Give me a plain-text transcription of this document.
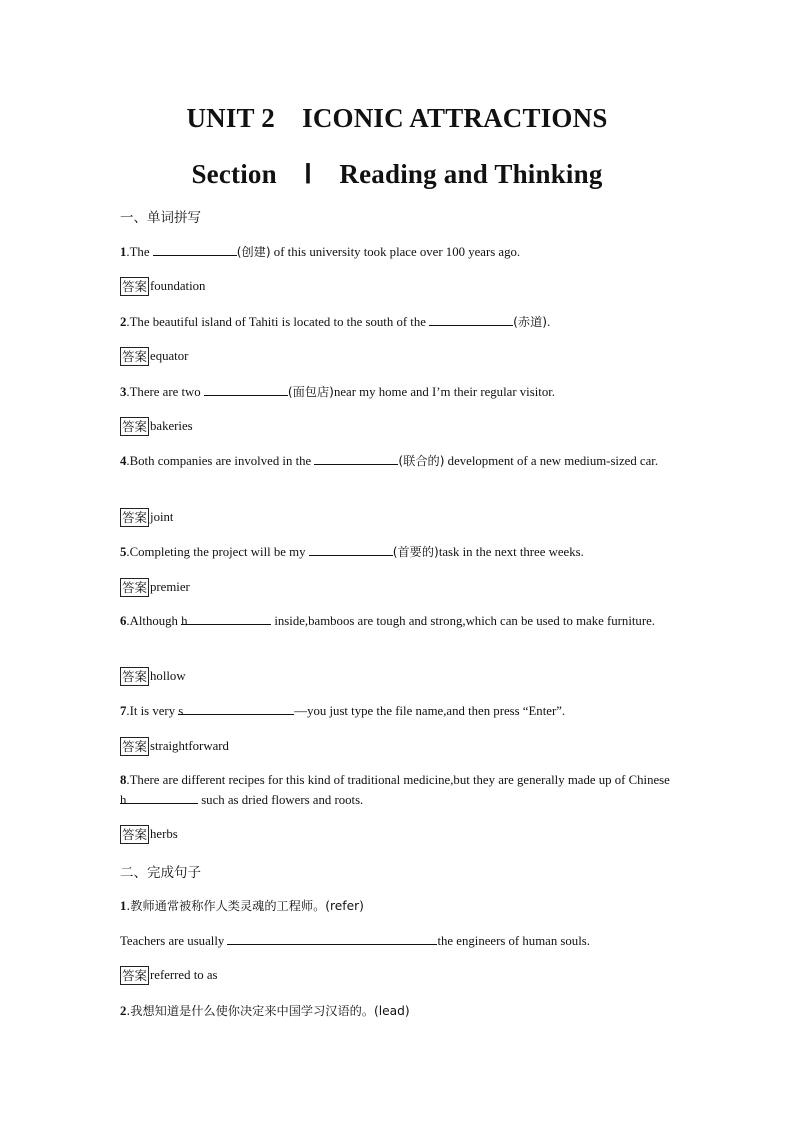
UNIT 2　ICONIC ATTRACTIONS
Section　Ⅰ　Reading and Thinking
一、单词拼写
1.The	(创建) of this university took place over 100 years ago.
答案 foundation
2.The beautiful island of Tahiti is located to the south of the	(赤道).
答案 equator
3.There are two	(面包店)near my home and I’m their regular visitor.
答案 bakeries
4.Both companies are involved in the	(联合的) development of a new medium-sized car.
答案 joint
5.Completing the project will be my	(首要的)task in the next three weeks.
答案 premier
6.Although h	inside,bamboos are tough and strong,which can be used to make furniture.
答案 hollow
7.It is very s	—you just type the file name,and then press “Enter”.
答案 straightforward
8.There are different recipes for this kind of traditional medicine,but they are generally made up of Chinese h	such as dried flowers and roots.
答案 herbs
二、完成句子
1.教师通常被称作人类灵魂的工程师。(refer)
Teachers are usually	the engineers of human souls.
答案 referred to as
2.我想知道是什么使你决定来中国学习汉语的。(lead)
